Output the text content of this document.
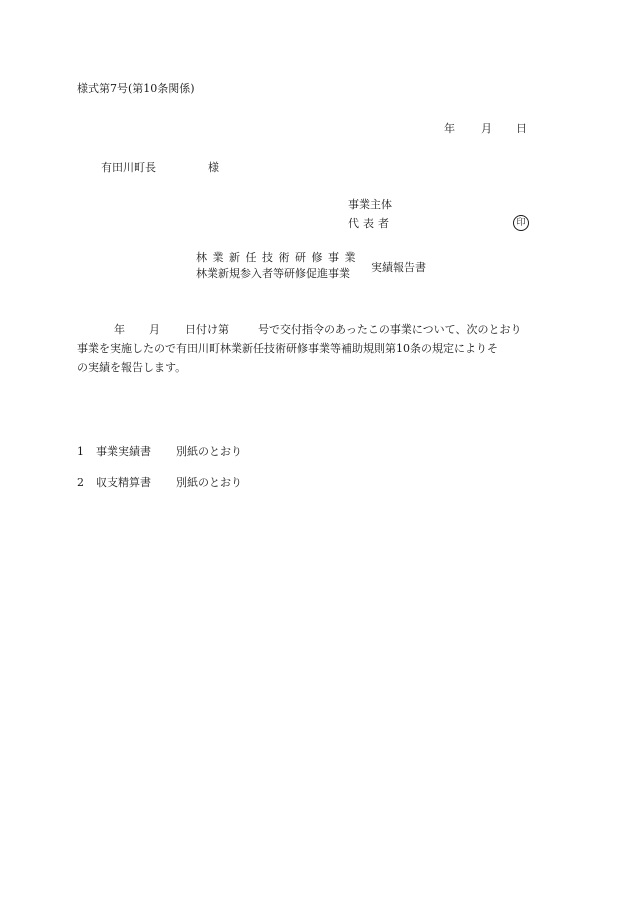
様式第7号(第10条関係)
年 月 日
有田川町長	様
事業主体
代表者	印
林業新任技術研修事業
林業新規参入者等研修促進事業 実績報告書
年 月 日付け第	号で交付指令のあったこの事業について、次のとおり
事業を実施したので有田川町林業新任技術研修事業等補助規則第10条の規定によりそ
の実績を報告します。
1 事業実績書 別紙のとおり
2 収支精算書 別紙のとおり
